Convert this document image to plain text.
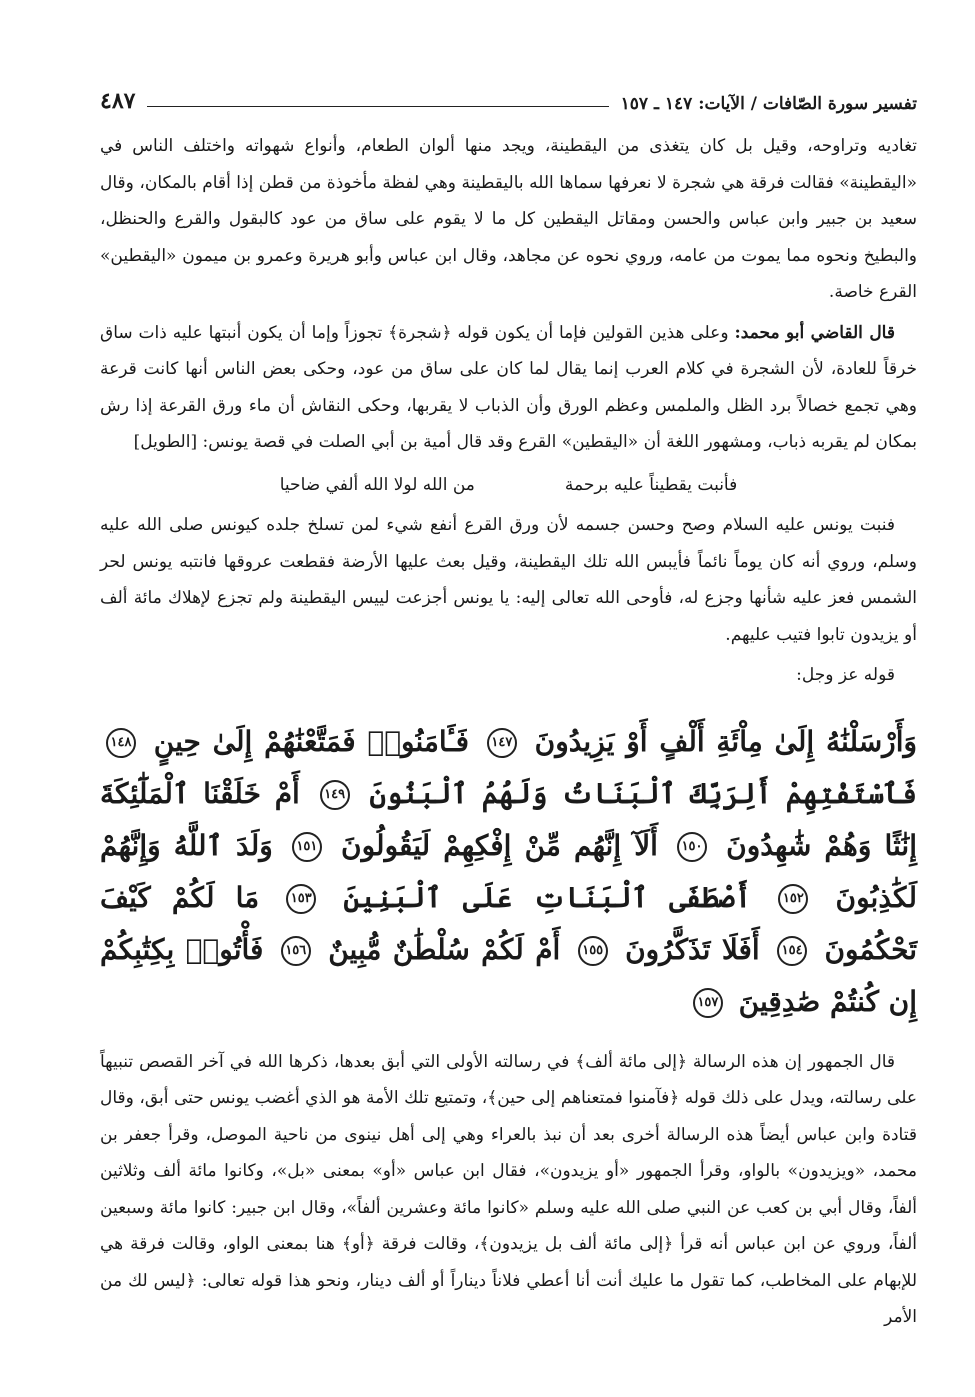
تفسير سورة الصّافات / الآيات: ١٤٧ ـ ١٥٧
٤٨٧

تغاديه وتراوحه، وقيل بل كان يتغذى من اليقطينة، ويجد منها ألوان الطعام، وأنواع شهواته واختلف الناس في «اليقطينة» فقالت فرقة هي شجرة لا نعرفها سماها الله باليقطينة وهي لفظة مأخوذة من قطن إذا أقام بالمكان، وقال سعيد بن جبير وابن عباس والحسن ومقاتل اليقطين كل ما لا يقوم على ساق من عود كالبقول والقرع والحنظل، والبطيخ ونحوه مما يموت من عامه، وروي نحوه عن مجاهد، وقال ابن عباس وأبو هريرة وعمرو بن ميمون «اليقطين» القرع خاصة.

قال القاضي أبو محمد: وعلى هذين القولين فإما أن يكون قوله ﴿شجرة﴾ تجوزاً وإما أن يكون أنبتها عليه ذات ساق خرقاً للعادة، لأن الشجرة في كلام العرب إنما يقال لما كان على ساق من عود، وحكى بعض الناس أنها كانت قرعة وهي تجمع خصالاً برد الظل والملمس وعظم الورق وأن الذباب لا يقربها، وحكى النقاش أن ماء ورق القرعة إذا رش بمكان لم يقربه ذباب، ومشهور اللغة أن «اليقطين» القرع وقد قال أمية بن أبي الصلت في قصة يونس: [الطويل]

فأنبت يقطيناً عليه برحمة
من الله لولا الله ألفي ضاحيا

فنبت يونس عليه السلام وصح وحسن جسمه لأن ورق القرع أنفع شيء لمن تسلخ جلده كيونس صلى الله عليه وسلم، وروي أنه كان يوماً نائماً فأيبس الله تلك اليقطينة، وقيل بعث عليها الأرضة فقطعت عروقها فانتبه يونس لحر الشمس فعز عليه شأنها وجزع له، فأوحى الله تعالى إليه: يا يونس أجزعت لييس اليقطينة ولم تجزع لإهلاك مائة ألف أو يزيدون تابوا فتيب عليهم.

قوله عز وجل:

وَأَرْسَلْنَٰهُ إِلَىٰ مِاْئَةِ أَلْفٍ أَوْ يَزِيدُونَ ١٤٧ فَـَٔامَنُوا۟ فَمَتَّعْنَٰهُمْ إِلَىٰ حِينٍ ١٤٨ فَٱسْتَفْتِهِمْ أَلِرَبِّكَ ٱلْبَنَاتُ وَلَهُمُ ٱلْبَنُونَ ١٤٩ أَمْ خَلَقْنَا ٱلْمَلَٰٓئِكَةَ إِنَٰثًا وَهُمْ شَٰهِدُونَ ١٥٠ أَلَآ إِنَّهُم مِّنْ إِفْكِهِمْ لَيَقُولُونَ ١٥١ وَلَدَ ٱللَّهُ وَإِنَّهُمْ لَكَٰذِبُونَ ١٥٢ أَصْطَفَى ٱلْبَنَاتِ عَلَى ٱلْبَنِينَ ١٥٣ مَا لَكُمْ كَيْفَ تَحْكُمُونَ ١٥٤ أَفَلَا تَذَكَّرُونَ ١٥٥ أَمْ لَكُمْ سُلْطَٰنٌ مُّبِينٌ ١٥٦ فَأْتُوا۟ بِكِتَٰبِكُمْ إِن كُنتُمْ صَٰدِقِينَ ١٥٧

قال الجمهور إن هذه الرسالة ﴿إلى مائة ألف﴾ في رسالته الأولى التي أبق بعدها، ذكرها الله في آخر القصص تنبيهاً على رسالته، ويدل على ذلك قوله ﴿فآمنوا فمتعناهم إلى حين﴾، وتمتيع تلك الأمة هو الذي أغضب يونس حتى أبق، وقال قتادة وابن عباس أيضاً هذه الرسالة أخرى بعد أن نبذ بالعراء وهي إلى أهل نينوى من ناحية الموصل، وقرأ جعفر بن محمد، «ويزيدون» بالواو، وقرأ الجمهور «أو يزيدون»، فقال ابن عباس «أو» بمعنى «بل»، وكانوا مائة ألف وثلاثين ألفاً، وقال أبي بن كعب عن النبي صلى الله عليه وسلم «كانوا مائة وعشرين ألفاً»، وقال ابن جبير: كانوا مائة وسبعين ألفاً، وروي عن ابن عباس أنه قرأ ﴿إلى مائة ألف بل يزيدون﴾، وقالت فرقة ﴿أو﴾ هنا بمعنى الواو، وقالت فرقة هي للإبهام على المخاطب، كما تقول ما عليك أنت أنا أعطي فلاناً ديناراً أو ألف دينار، ونحو هذا قوله تعالى: ﴿ليس لك من الأمر
